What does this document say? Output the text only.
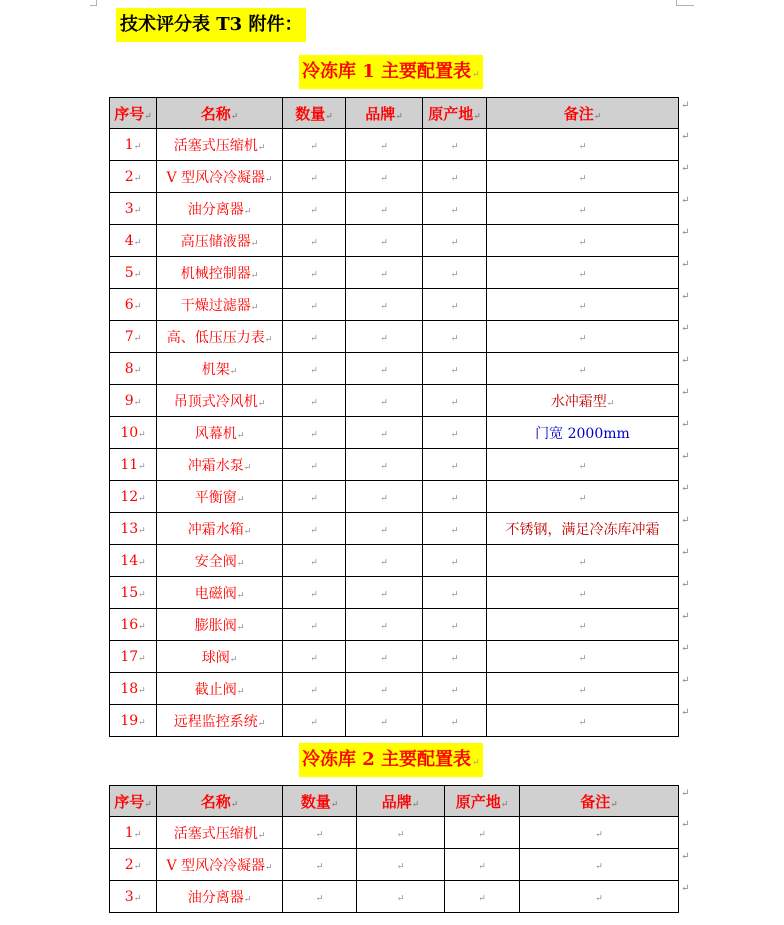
技术评分表 T3 附件：
冷冻库 1 主要配置表↵
序号↵	名称↵	数量↵	品牌↵	原产地↵	备注↵
1↵	活塞式压缩机↵	↵	↵	↵	↵
2↵	V 型风冷冷凝器↵	↵	↵	↵	↵
3↵	油分离器↵	↵	↵	↵	↵
4↵	高压储液器↵	↵	↵	↵	↵
5↵	机械控制器↵	↵	↵	↵	↵
6↵	干燥过滤器↵	↵	↵	↵	↵
7↵	高、低压压力表↵	↵	↵	↵	↵
8↵	机架↵	↵	↵	↵	↵
9↵	吊顶式冷风机↵	↵	↵	↵	水冲霜型↵
10↵	风幕机↵	↵	↵	↵	门宽 2000mm
11↵	冲霜水泵↵	↵	↵	↵	↵
12↵	平衡窗↵	↵	↵	↵	↵
13↵	冲霜水箱↵	↵	↵	↵	不锈钢，满足冷冻库冲霜
14↵	安全阀↵	↵	↵	↵	↵
15↵	电磁阀↵	↵	↵	↵	↵
16↵	膨胀阀↵	↵	↵	↵	↵
17↵	球阀↵	↵	↵	↵	↵
18↵	截止阀↵	↵	↵	↵	↵
19↵	远程监控系统↵	↵	↵	↵	↵
冷冻库 2 主要配置表↵
序号↵	名称↵	数量↵	品牌↵	原产地↵	备注↵
1↵	活塞式压缩机↵	↵	↵	↵	↵
2↵	V 型风冷冷凝器↵	↵	↵	↵	↵
3↵	油分离器↵	↵	↵	↵	↵
↵
↵
↵
↵
↵
↵
↵
↵
↵
↵
↵
↵
↵
↵
↵
↵
↵
↵
↵
↵
↵
↵
↵
↵
